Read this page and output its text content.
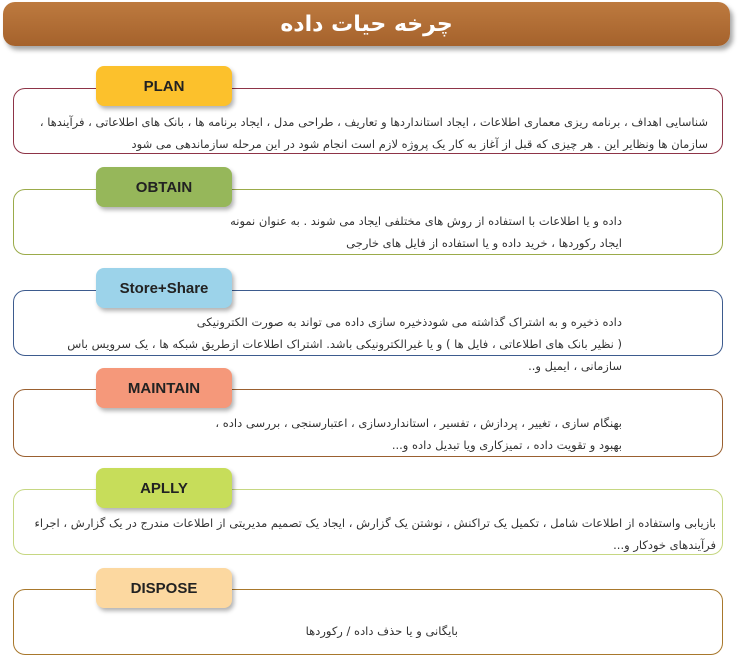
چرخه حیات داده

شناسایی اهداف ، برنامه ریزی معماری اطلاعات ، ایجاد استانداردها و تعاریف ، طراحی مدل ، ایجاد برنامه ها ، بانک های اطلاعاتی ، فرآیندها ،

سازمان ها ونظایر این . هر چیزی که قبل از آغاز به کار یک پروژه لازم است انجام شود در این مرحله سازماندهی می شود

PLAN

داده و یا اطلاعات با استفاده از روش های مختلفی ایجاد می شوند . به عنوان نمونه

ایجاد رکوردها ، خرید داده و یا استفاده از فایل های خارجی

OBTAIN

داده ذخیره و به اشتراک گذاشته می شودذخیره سازی داده می تواند به صورت الکترونیکی

( نظیر بانک های اطلاعاتی ، فایل ها ) و یا غیرالکترونیکی باشد. اشتراک اطلاعات ازطریق شبکه ها ، یک سرویس باس سازمانی ، ایمیل و..

Store+Share

بهنگام سازی ، تغییر ، پردازش ، تفسیر ، استانداردسازی ، اعتبارسنجی ، بررسی داده ،

بهبود و تقویت داده ، تمیزکاری ویا تبدیل داده و...

MAINTAIN

بازیابی واستفاده از اطلاعات شامل ، تکمیل یک تراکنش ، نوشتن یک گزارش ، ایجاد یک تصمیم مدیریتی از اطلاعات مندرج در یک گزارش ، اجراء

فرآیندهای خودکار و...

APLLY

بایگانی و یا حذف داده / رکوردها

DISPOSE
